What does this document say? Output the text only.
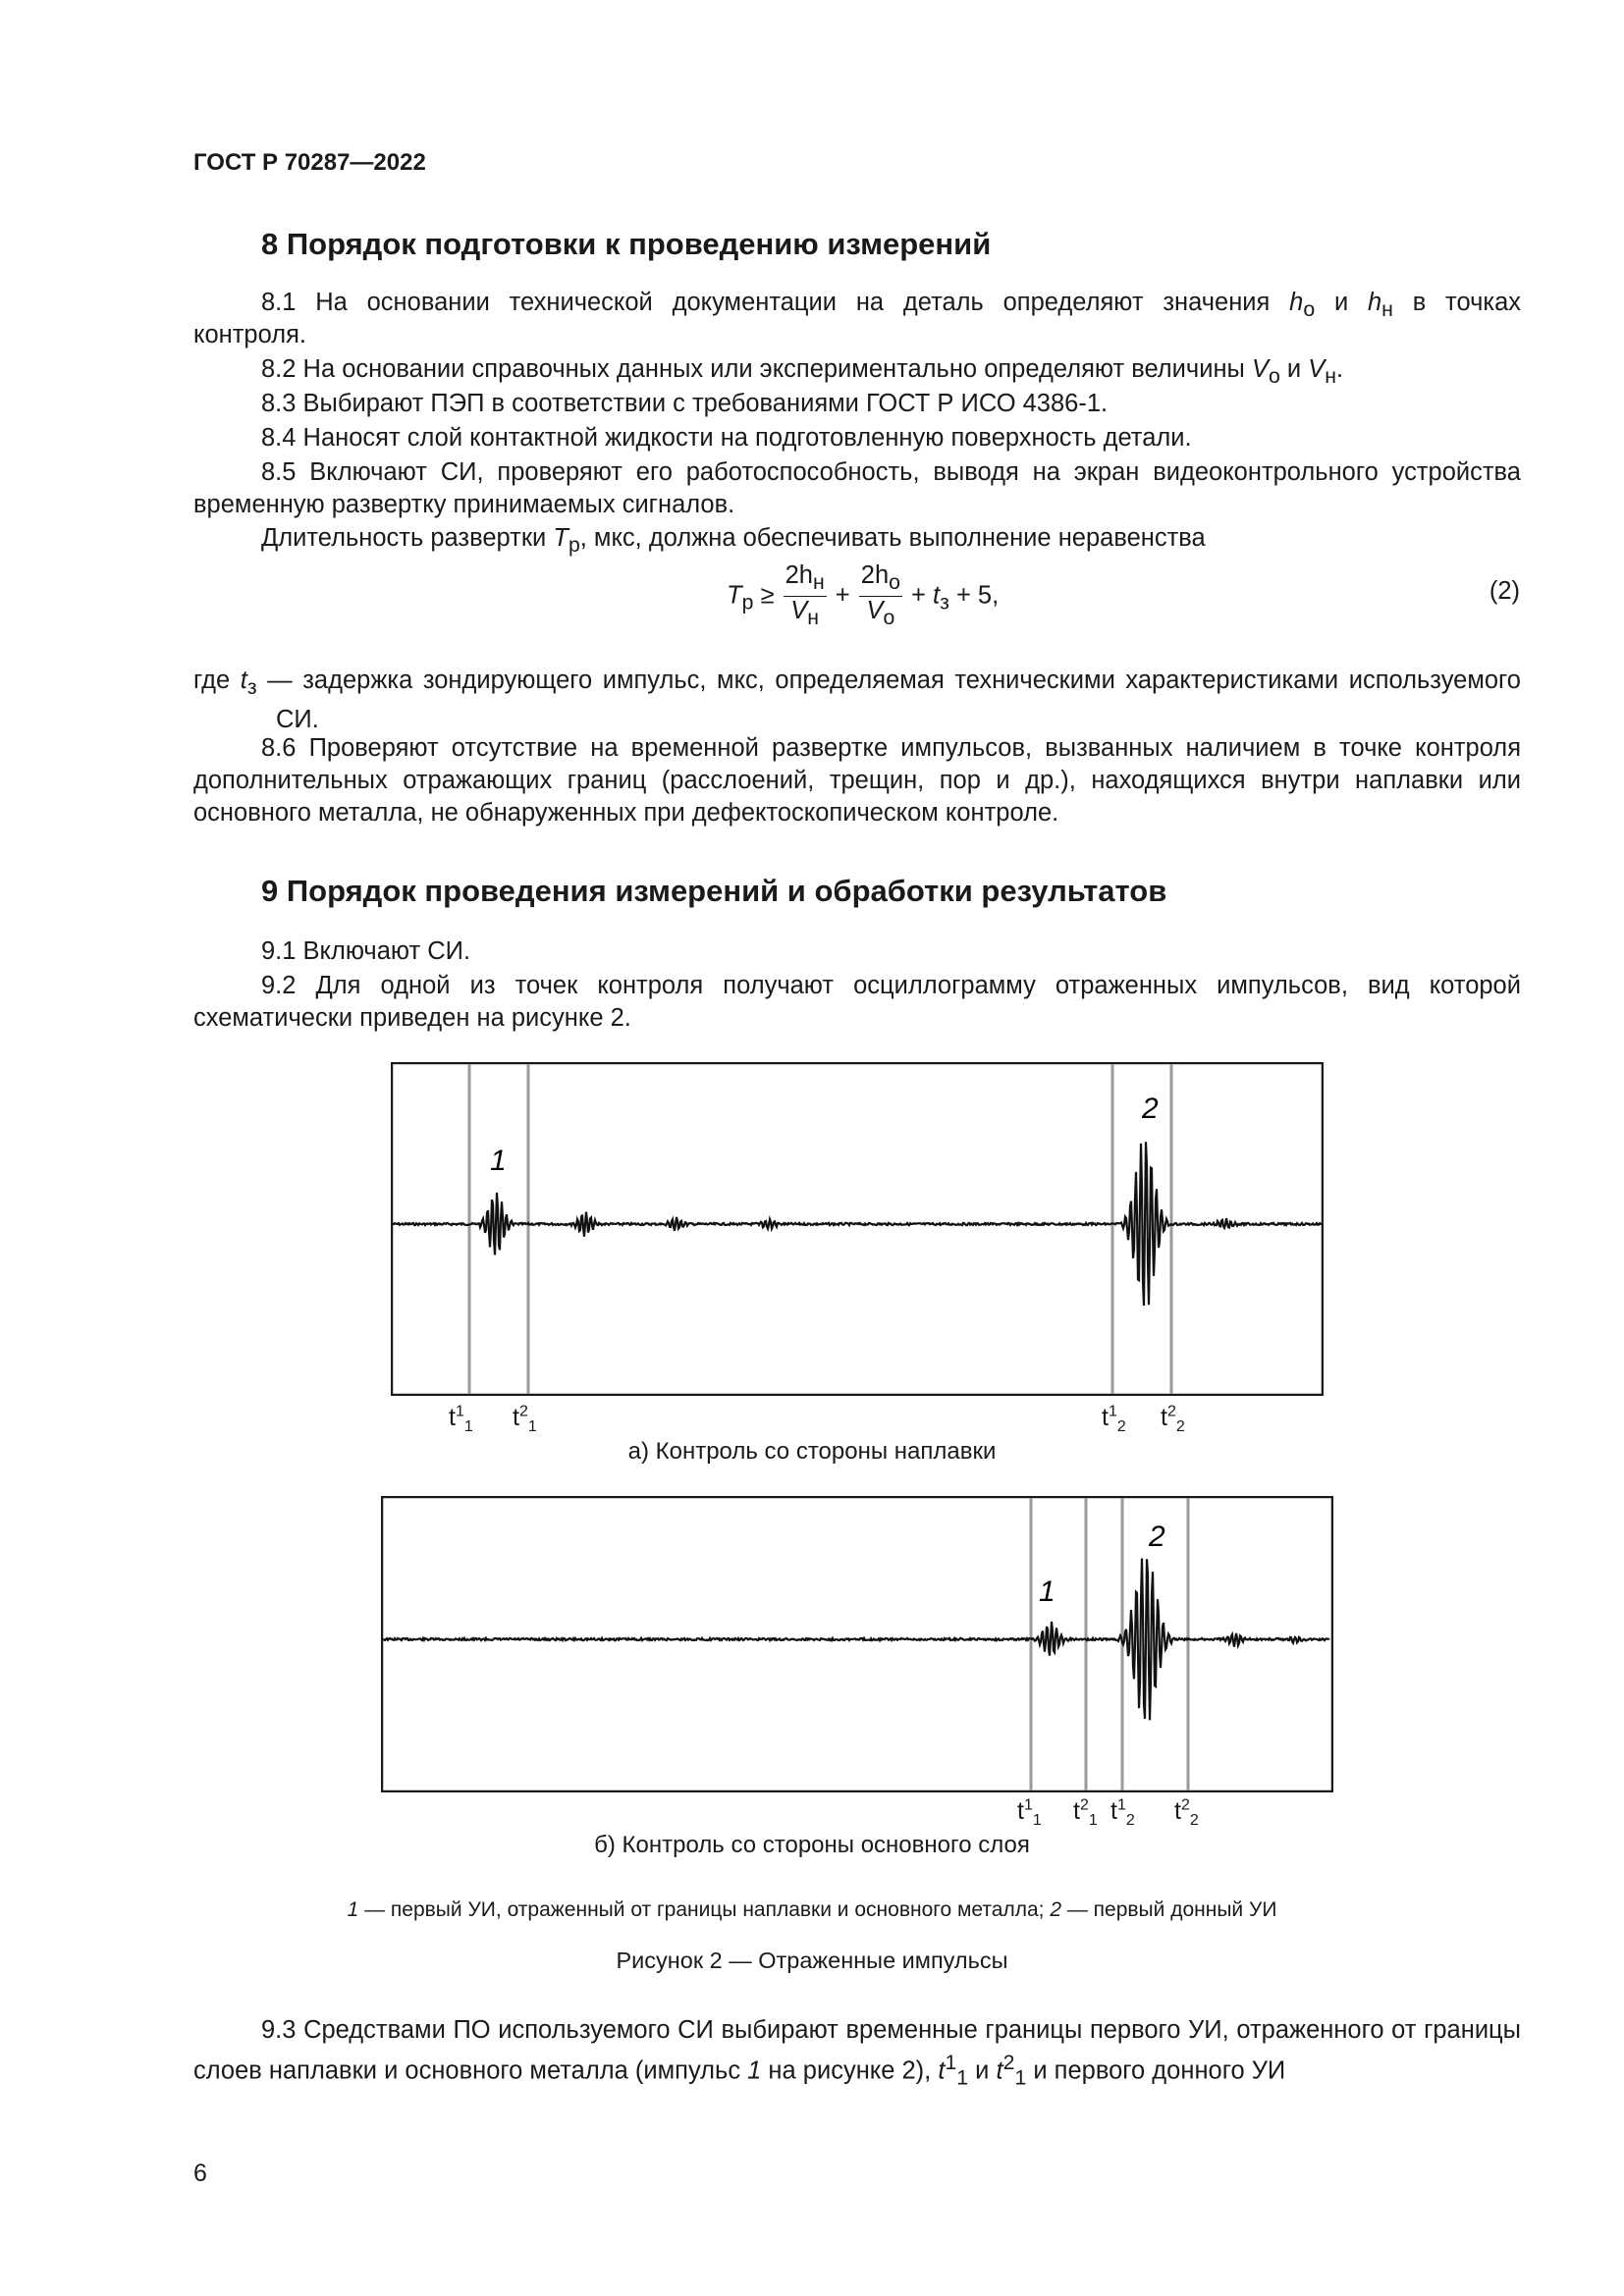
ГОСТ Р 70287—2022
8 Порядок подготовки к проведению измерений
8.1 На основании технической документации на деталь определяют значения $h_о$ и $h_н$ в точках
контроля.
8.2 На основании справочных данных или экспериментально определяют величины $V_о$ и $V_н$.
8.3 Выбирают ПЭП в соответствии с требованиями ГОСТ Р ИСО 4386-1.
8.4 Наносят слой контактной жидкости на подготовленную поверхность детали.
8.5 Включают СИ, проверяют его работоспособность, выводя на экран видеоконтрольного устройства временную развертку принимаемых сигналов.
Длительность развертки $T_р$, мкс, должна обеспечивать выполнение неравенства
$T_р \ge \frac{2h_н}{V_н} + \frac{2h_о}{V_о} + t_з + 5$,	(2)
где $t_з$ — задержка зондирующего импульс, мкс, определяемая техническими характеристиками используемого СИ.
8.6 Проверяют отсутствие на временной развертке импульсов, вызванных наличием в точке контроля дополнительных отражающих границ (расслоений, трещин, пор и др.), находящихся внутри наплавки или основного металла, не обнаруженных при дефектоскопическом контроле.
9 Порядок проведения измерений и обработки результатов
9.1 Включают СИ.
9.2 Для одной из точек контроля получают осциллограмму отраженных импульсов, вид которой схематически приведен на рисунке 2.
1
2
$t^1_1$ $t^2_1$	$t^1_2$ $t^2_2$
а) Контроль со стороны наплавки
1
2
$t^1_1$ $t^2_1$ $t^1_2$ $t^2_2$
б) Контроль со стороны основного слоя
1 — первый УИ, отраженный от границы наплавки и основного металла; 2 — первый донный УИ
Рисунок 2 — Отраженные импульсы
9.3 Средствами ПО используемого СИ выбирают временные границы первого УИ, отраженного от границы слоев наплавки и основного металла (импульс 1 на рисунке 2), $t^1_1$ и $t^2_1$ и первого донного УИ
6
